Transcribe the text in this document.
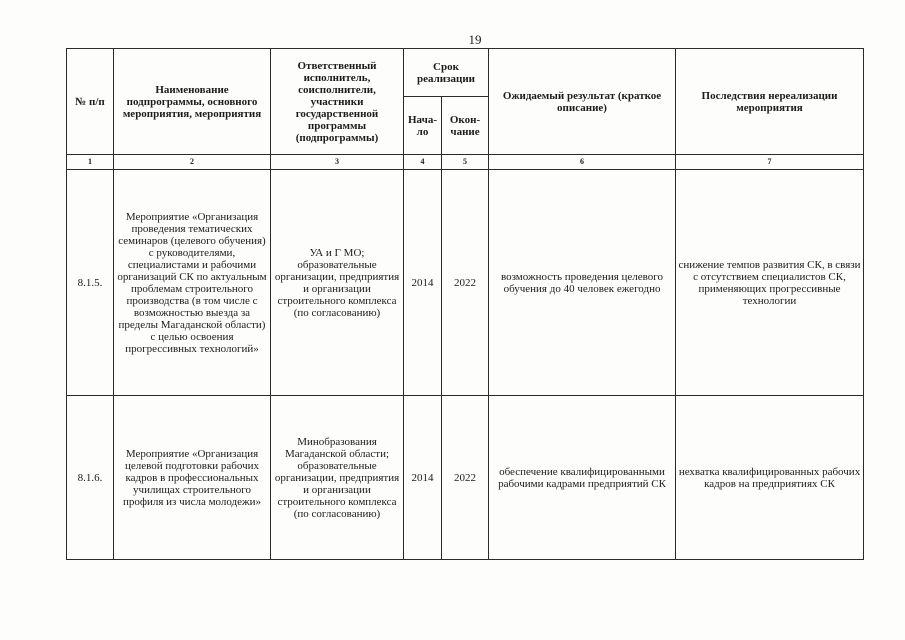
19
№ п/п	Наименование подпрограммы, основного мероприятия, мероприятия	Ответственный исполнитель, соисполнители, участники государственной программы (подпрограммы)	Срок реализации		Ожидаемый результат (краткое описание)	Последствия нереализации мероприятия
			Нача-ло	Окон-чание		
1	2	3	4	5	6	7
8.1.5.	Мероприятие «Организация проведения тематических семинаров (целевого обучения) с руководителями, специалистами и рабочими организаций СК по актуальным проблемам строительного производства (в том числе с возможностью выезда за пределы Магаданской области) с целью освоения прогрессивных технологий»	УА и Г МО; образовательные организации, предприятия и организации строительного комплекса (по согласованию)	2014	2022	возможность проведения целевого обучения до 40 человек ежегодно	снижение темпов развития СК, в связи с отсутствием специалистов СК, применяющих прогрессивные технологии
8.1.6.	Мероприятие «Организация целевой подготовки рабочих кадров в профессиональных училищах строительного профиля из числа молодежи»	Минобразования Магаданской области; образовательные организации, предприятия и организации строительного комплекса (по согласованию)	2014	2022	обеспечение квалифицированными рабочими кадрами предприятий СК	нехватка квалифицированных рабочих кадров на предприятиях СК
